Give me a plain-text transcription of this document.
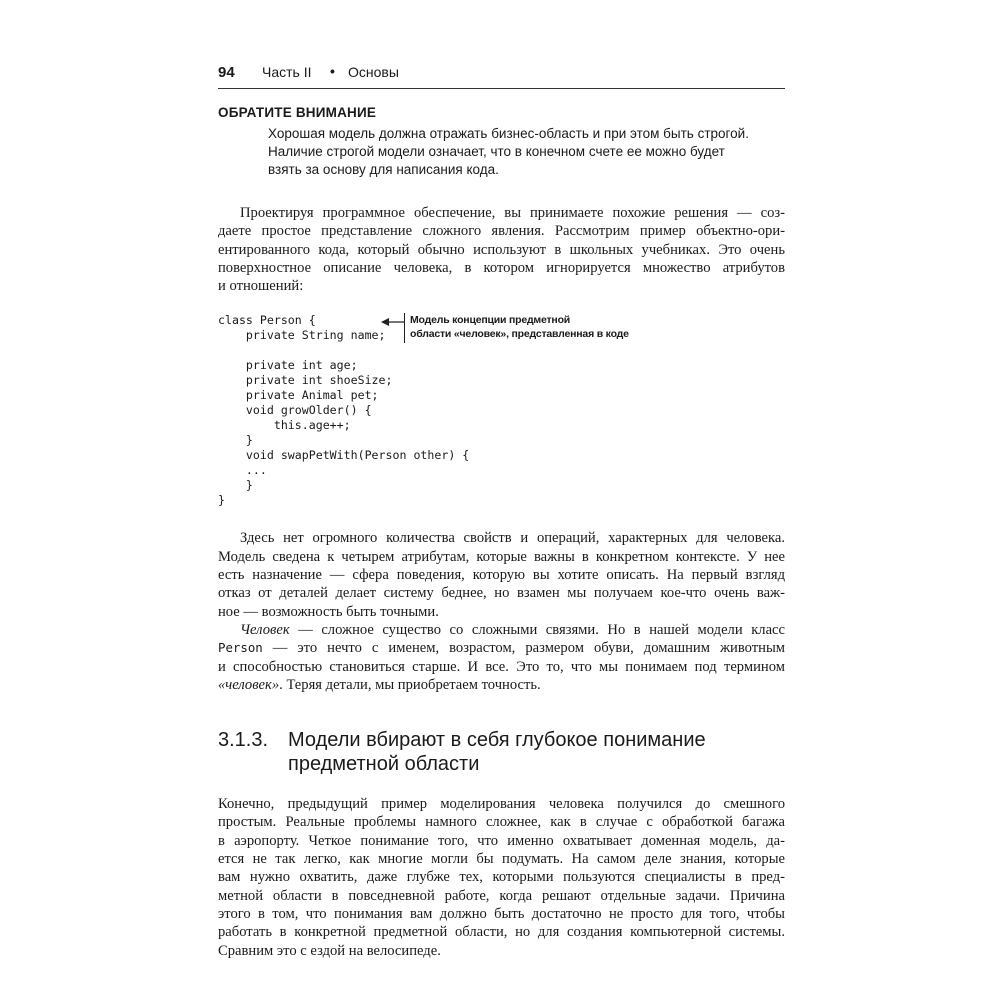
94 Часть II • Основы
ОБРАТИТЕ ВНИМАНИЕ
Хорошая модель должна отражать бизнес-область и при этом быть строгой.
Наличие строгой модели означает, что в конечном счете ее можно будет
взять за основу для написания кода.
Проектируя программное обеспечение, вы принимаете похожие решения — соз-
даете простое представление сложного явления. Рассмотрим пример объектно-ори-
ентированного кода, который обычно используют в школьных учебниках. Это очень
поверхностное описание человека, в котором игнорируется множество атрибутов
и отношений:
class Person {
private String name;
private int age;
private int shoeSize;
private Animal pet;
void growOlder() {
this.age++;
}
void swapPetWith(Person other) {
...
}
}
Модель концепции предметной
области «человек», представленная в коде
Здесь нет огромного количества свойств и операций, характерных для человека.
Модель сведена к четырем атрибутам, которые важны в конкретном контексте. У нее
есть назначение — сфера поведения, которую вы хотите описать. На первый взгляд
отказ от деталей делает систему беднее, но взамен мы получаем кое-что очень важ-
ное — возможность быть точными.
Человек — сложное существо со сложными связями. Но в нашей модели класс
Person — это нечто с именем, возрастом, размером обуви, домашним животным
и способностью становиться старше. И все. Это то, что мы понимаем под термином
«человек». Теряя детали, мы приобретаем точность.
3.1.3. Модели вбирают в себя глубокое понимание
предметной области
Конечно, предыдущий пример моделирования человека получился до смешного
простым. Реальные проблемы намного сложнее, как в случае с обработкой багажа
в аэропорту. Четкое понимание того, что именно охватывает доменная модель, да-
ется не так легко, как многие могли бы подумать. На самом деле знания, которые
вам нужно охватить, даже глубже тех, которыми пользуются специалисты в пред-
метной области в повседневной работе, когда решают отдельные задачи. Причина
этого в том, что понимания вам должно быть достаточно не просто для того, чтобы
работать в конкретной предметной области, но для создания компьютерной системы.
Сравним это с ездой на велосипеде.
